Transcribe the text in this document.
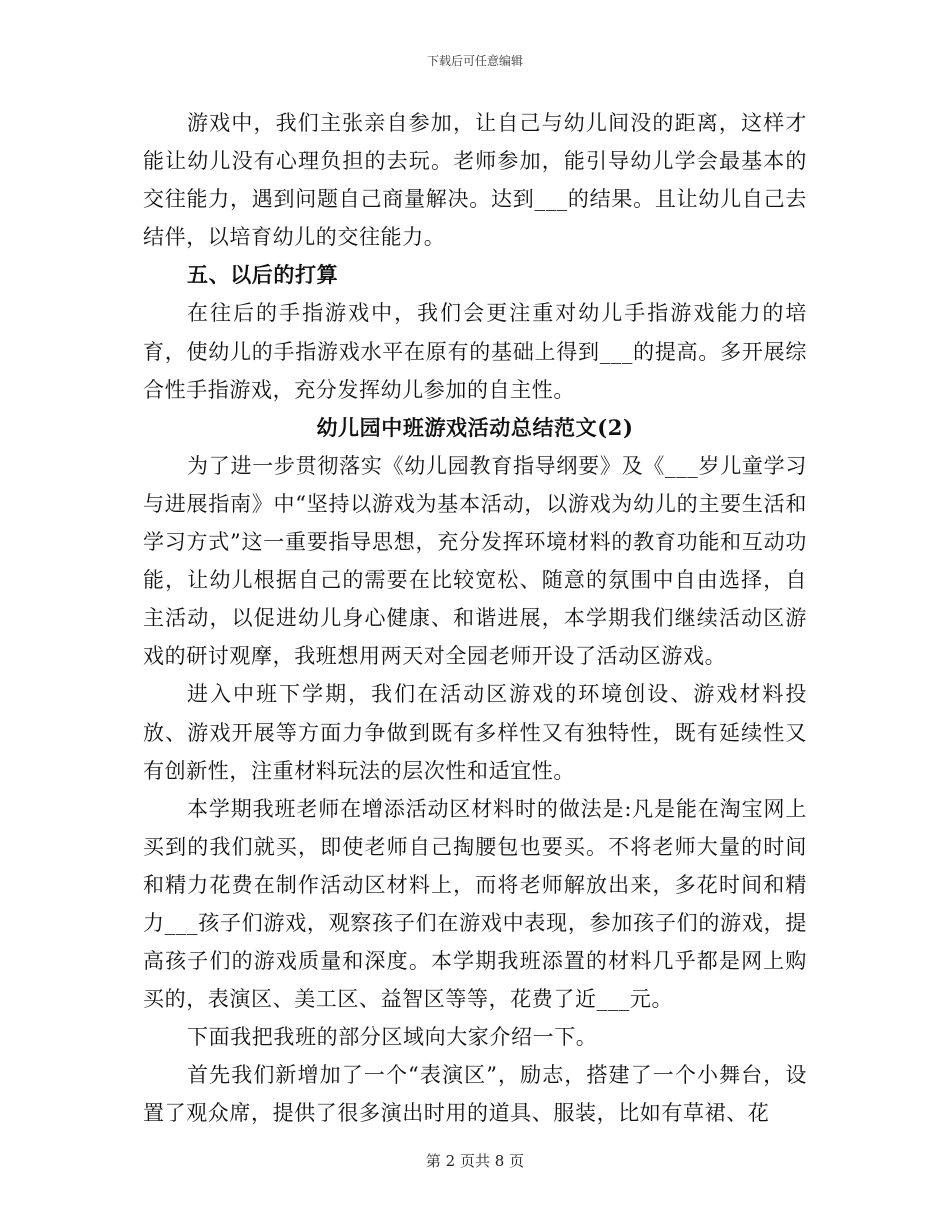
下载后可任意编辑

游戏中，我们主张亲自参加，让自己与幼儿间没的距离，这样才能让幼儿没有心理负担的去玩。老师参加，能引导幼儿学会最基本的交往能力，遇到问题自己商量解决。达到___的结果。且让幼儿自己去结伴，以培育幼儿的交往能力。

五、以后的打算

在往后的手指游戏中，我们会更注重对幼儿手指游戏能力的培育，使幼儿的手指游戏水平在原有的基础上得到___的提高。多开展综合性手指游戏，充分发挥幼儿参加的自主性。

幼儿园中班游戏活动总结范文(2)

为了进一步贯彻落实《幼儿园教育指导纲要》及《___岁儿童学习与进展指南》中“坚持以游戏为基本活动，以游戏为幼儿的主要生活和学习方式”这一重要指导思想，充分发挥环境材料的教育功能和互动功能，让幼儿根据自己的需要在比较宽松、随意的氛围中自由选择，自主活动，以促进幼儿身心健康、和谐进展，本学期我们继续活动区游戏的研讨观摩，我班想用两天对全园老师开设了活动区游戏。

进入中班下学期，我们在活动区游戏的环境创设、游戏材料投放、游戏开展等方面力争做到既有多样性又有独特性，既有延续性又有创新性，注重材料玩法的层次性和适宜性。

本学期我班老师在增添活动区材料时的做法是:凡是能在淘宝网上买到的我们就买，即使老师自己掏腰包也要买。不将老师大量的时间和精力花费在制作活动区材料上，而将老师解放出来，多花时间和精力___孩子们游戏，观察孩子们在游戏中表现，参加孩子们的游戏，提高孩子们的游戏质量和深度。本学期我班添置的材料几乎都是网上购买的，表演区、美工区、益智区等等，花费了近___元。

下面我把我班的部分区域向大家介绍一下。

首先我们新增加了一个“表演区”，励志，搭建了一个小舞台，设置了观众席，提供了很多演出时用的道具、服装，比如有草裙、花

第 2 页共 8 页
